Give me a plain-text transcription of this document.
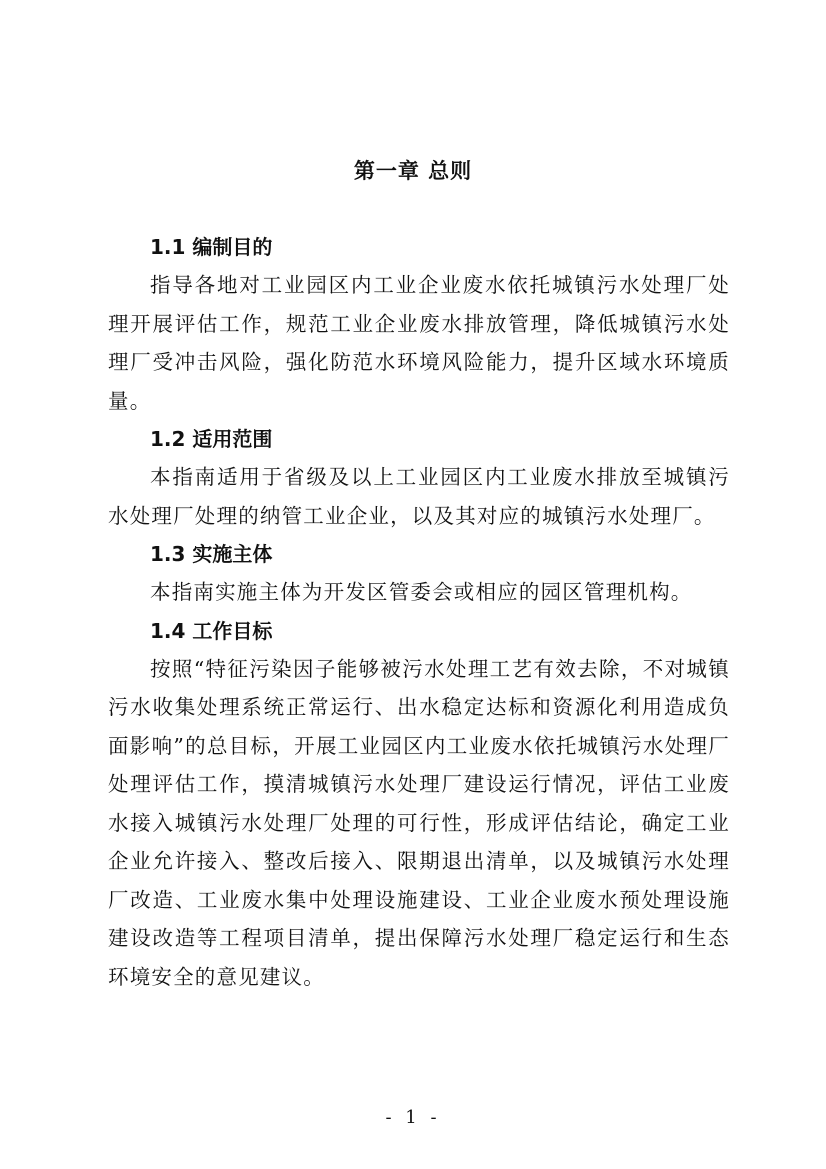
第一章 总则
1.1 编制目的

指导各地对工业园区内工业企业废水依托城镇污水处理厂处理开展评估工作，规范工业企业废水排放管理，降低城镇污水处理厂受冲击风险，强化防范水环境风险能力，提升区域水环境质量。

1.2 适用范围

本指南适用于省级及以上工业园区内工业废水排放至城镇污水处理厂处理的纳管工业企业，以及其对应的城镇污水处理厂。

1.3 实施主体

本指南实施主体为开发区管委会或相应的园区管理机构。

1.4 工作目标

按照“特征污染因子能够被污水处理工艺有效去除，不对城镇污水收集处理系统正常运行、出水稳定达标和资源化利用造成负面影响”的总目标，开展工业园区内工业废水依托城镇污水处理厂处理评估工作，摸清城镇污水处理厂建设运行情况，评估工业废水接入城镇污水处理厂处理的可行性，形成评估结论，确定工业企业允许接入、整改后接入、限期退出清单，以及城镇污水处理厂改造、工业废水集中处理设施建设、工业企业废水预处理设施建设改造等工程项目清单，提出保障污水处理厂稳定运行和生态环境安全的意见建议。

- 1 -
